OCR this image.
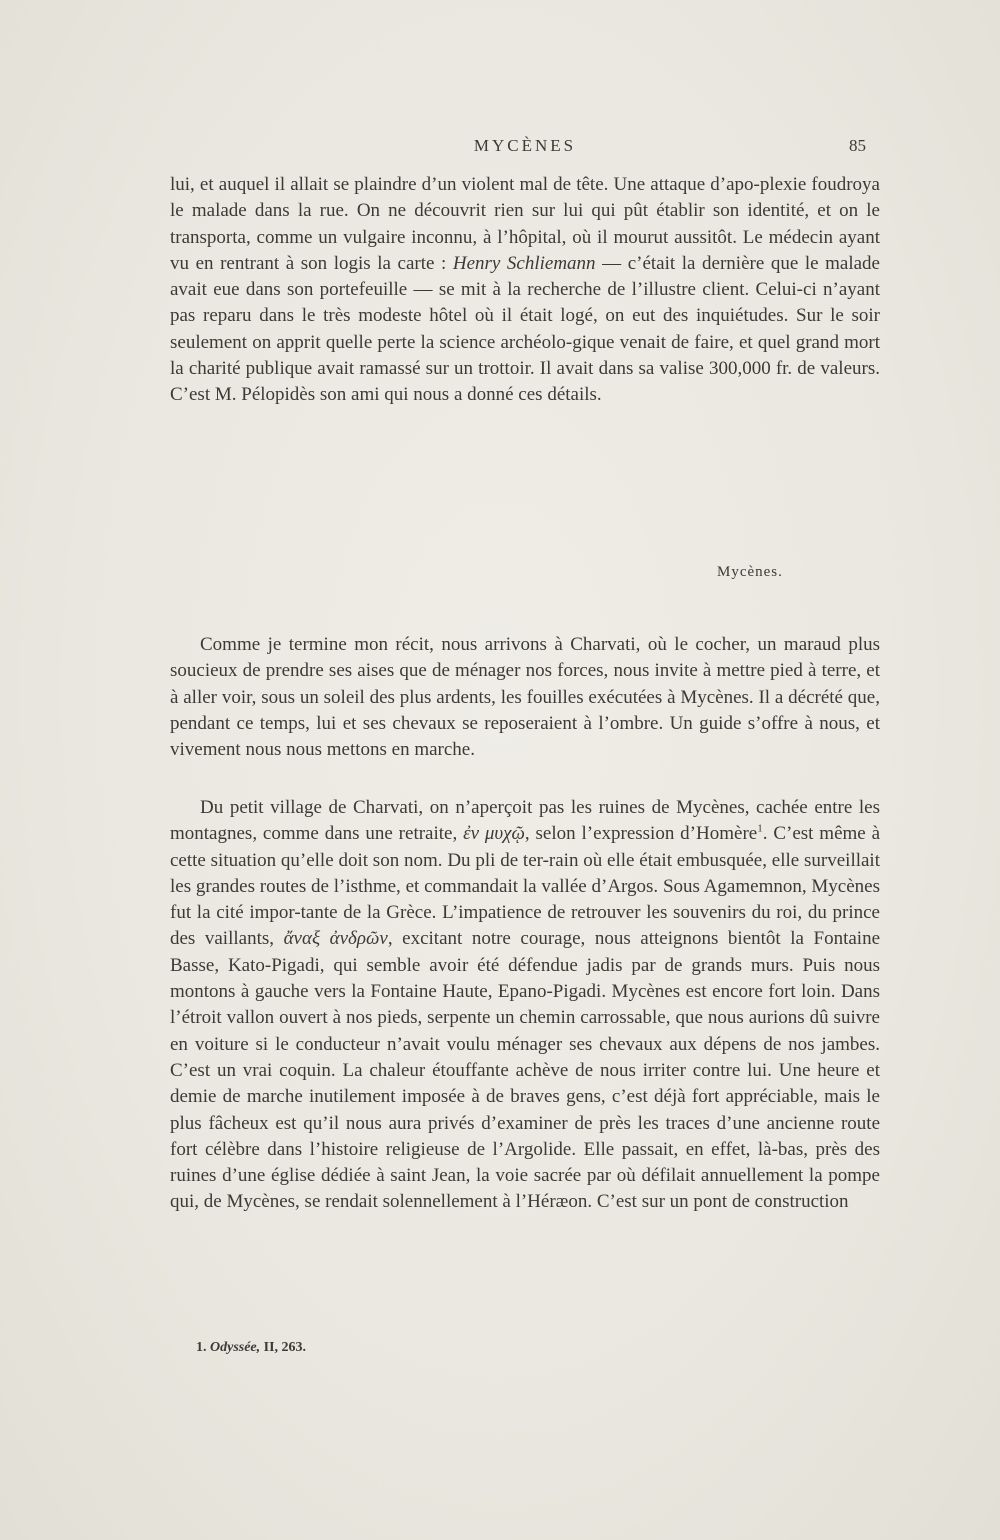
MYCÈNES	85

lui, et auquel il allait se plaindre d’un violent mal de tête. Une attaque d’apo-plexie foudroya le malade dans la rue. On ne découvrit rien sur lui qui pût établir son identité, et on le transporta, comme un vulgaire inconnu, à l’hôpital, où il mourut aussitôt. Le médecin ayant vu en rentrant à son logis la carte : Henry Schliemann — c’était la dernière que le malade avait eue dans son portefeuille — se mit à la recherche de l’illustre client. Celui-ci n’ayant pas reparu dans le très modeste hôtel où il était logé, on eut des inquiétudes. Sur le soir seulement on apprit quelle perte la science archéolo-gique venait de faire, et quel grand mort la charité publique avait ramassé sur un trottoir. Il avait dans sa valise 300,000 fr. de valeurs. C’est M. Pélopidès son ami qui nous a donné ces détails.

Mycènes.

Comme je termine mon récit, nous arrivons à Charvati, où le cocher, un maraud plus soucieux de prendre ses aises que de ménager nos forces, nous invite à mettre pied à terre, et à aller voir, sous un soleil des plus ardents, les fouilles exécutées à Mycènes. Il a décrété que, pendant ce temps, lui et ses chevaux se reposeraient à l’ombre. Un guide s’offre à nous, et vivement nous nous mettons en marche.

Du petit village de Charvati, on n’aperçoit pas les ruines de Mycènes, cachée entre les montagnes, comme dans une retraite, ἐν μυχῷ, selon l’expression d’Homère$^1$. C’est même à cette situation qu’elle doit son nom. Du pli de ter-rain où elle était embusquée, elle surveillait les grandes routes de l’isthme, et commandait la vallée d’Argos. Sous Agamemnon, Mycènes fut la cité impor-tante de la Grèce. L’impatience de retrouver les souvenirs du roi, du prince des vaillants, ἄναξ ἀνδρῶν, excitant notre courage, nous atteignons bientôt la Fontaine Basse, Kato-Pigadi, qui semble avoir été défendue jadis par de grands murs. Puis nous montons à gauche vers la Fontaine Haute, Epano-Pigadi. Mycènes est encore fort loin. Dans l’étroit vallon ouvert à nos pieds, serpente un chemin carrossable, que nous aurions dû suivre en voiture si le conducteur n’avait voulu ménager ses chevaux aux dépens de nos jambes. C’est un vrai coquin. La chaleur étouffante achève de nous irriter contre lui. Une heure et demie de marche inutilement imposée à de braves gens, c’est déjà fort appréciable, mais le plus fâcheux est qu’il nous aura privés d’examiner de près les traces d’une ancienne route fort célèbre dans l’histoire religieuse de l’Argolide. Elle passait, en effet, là-bas, près des ruines d’une église dédiée à saint Jean, la voie sacrée par où défilait annuellement la pompe qui, de Mycènes, se rendait solennellement à l’Héræon. C’est sur un pont de construction

1. Odyssée, II, 263.
